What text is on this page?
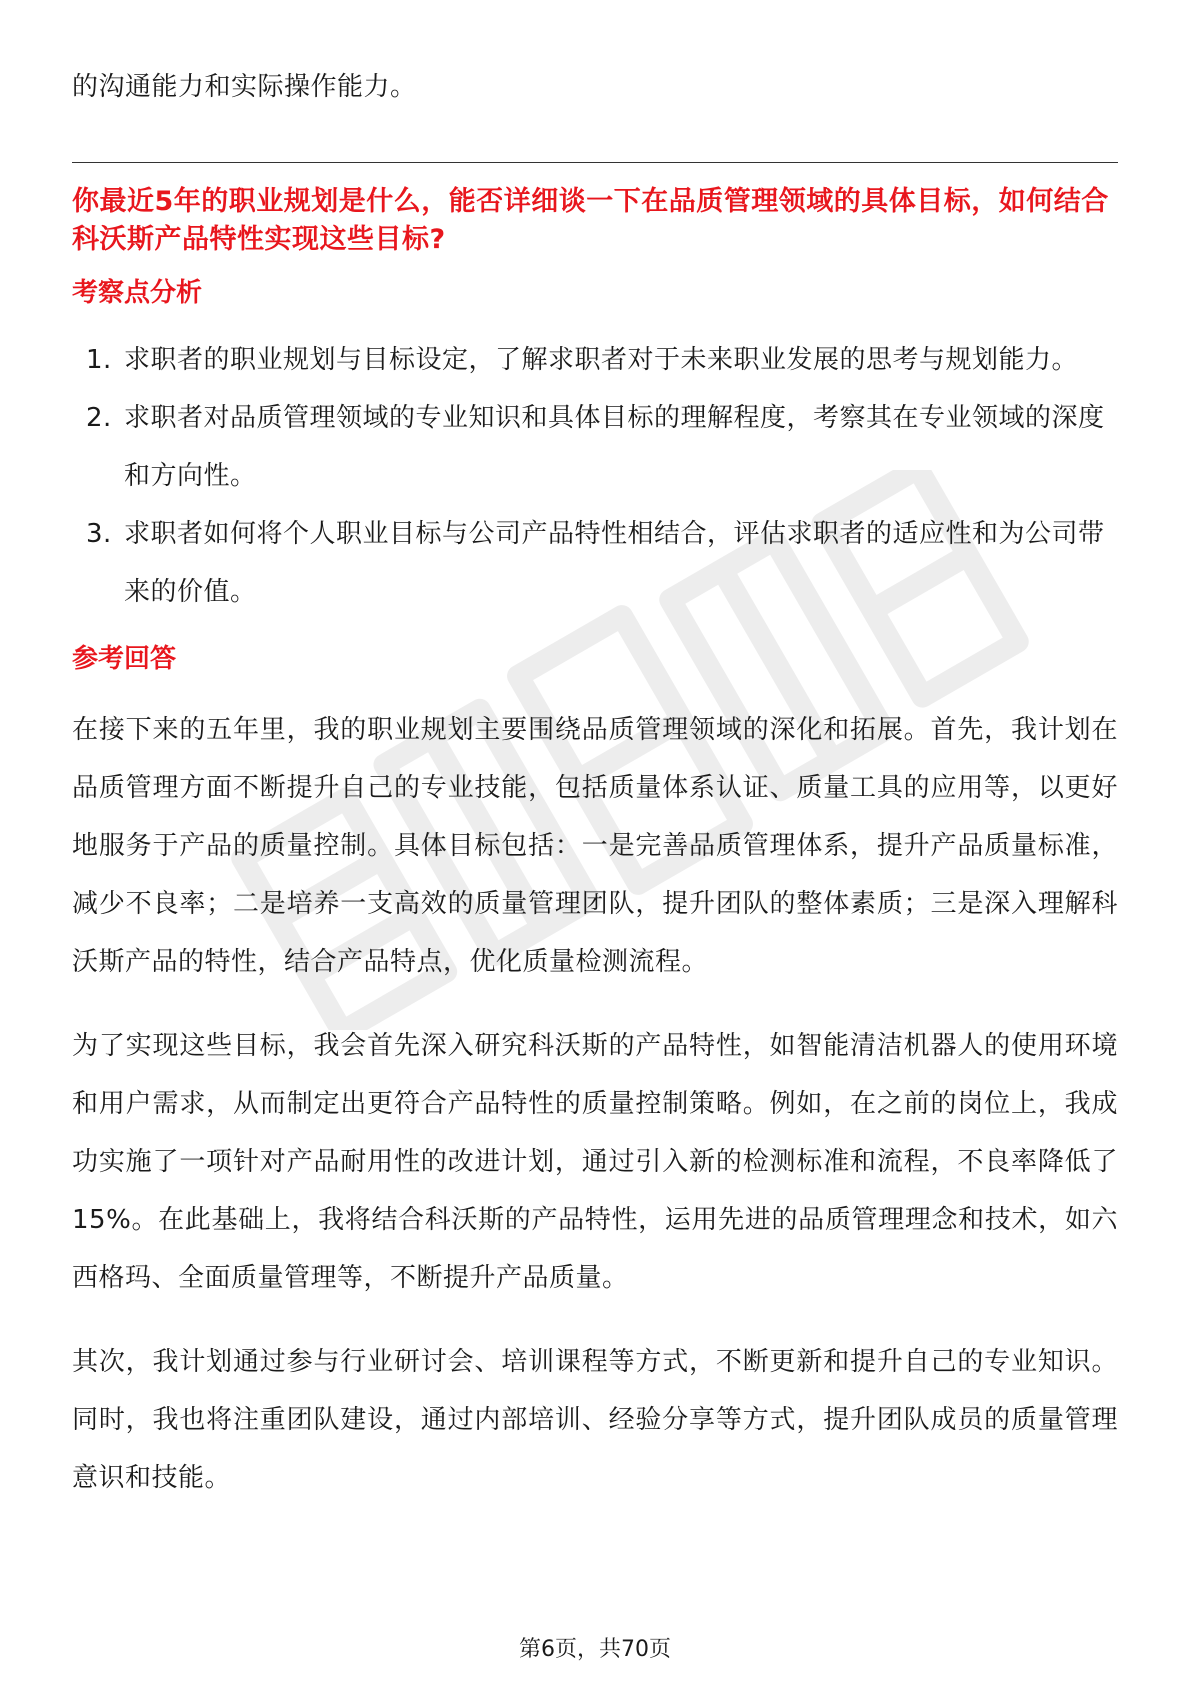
的沟通能力和实际操作能力。

你最近5年的职业规划是什么，能否详细谈一下在品质管理领域的具体目标，如何结合科沃斯产品特性实现这些目标?

考察点分析
1. 求职者的职业规划与目标设定，了解求职者对于未来职业发展的思考与规划能力。
2. 求职者对品质管理领域的专业知识和具体目标的理解程度，考察其在专业领域的深度和方向性。
3. 求职者如何将个人职业目标与公司产品特性相结合，评估求职者的适应性和为公司带来的价值。
参考回答

在接下来的五年里，我的职业规划主要围绕品质管理领域的深化和拓展。首先，我计划在品质管理方面不断提升自己的专业技能，包括质量体系认证、质量工具的应用等，以更好地服务于产品的质量控制。具体目标包括：一是完善品质管理体系，提升产品质量标准，减少不良率；二是培养一支高效的质量管理团队，提升团队的整体素质；三是深入理解科沃斯产品的特性，结合产品特点，优化质量检测流程。

为了实现这些目标，我会首先深入研究科沃斯的产品特性，如智能清洁机器人的使用环境和用户需求，从而制定出更符合产品特性的质量控制策略。例如，在之前的岗位上，我成功实施了一项针对产品耐用性的改进计划，通过引入新的检测标准和流程，不良率降低了15%。在此基础上，我将结合科沃斯的产品特性，运用先进的品质管理理念和技术，如六西格玛、全面质量管理等，不断提升产品质量。

其次，我计划通过参与行业研讨会、培训课程等方式，不断更新和提升自己的专业知识。同时，我也将注重团队建设，通过内部培训、经验分享等方式，提升团队成员的质量管理意识和技能。

第6页，共70页
